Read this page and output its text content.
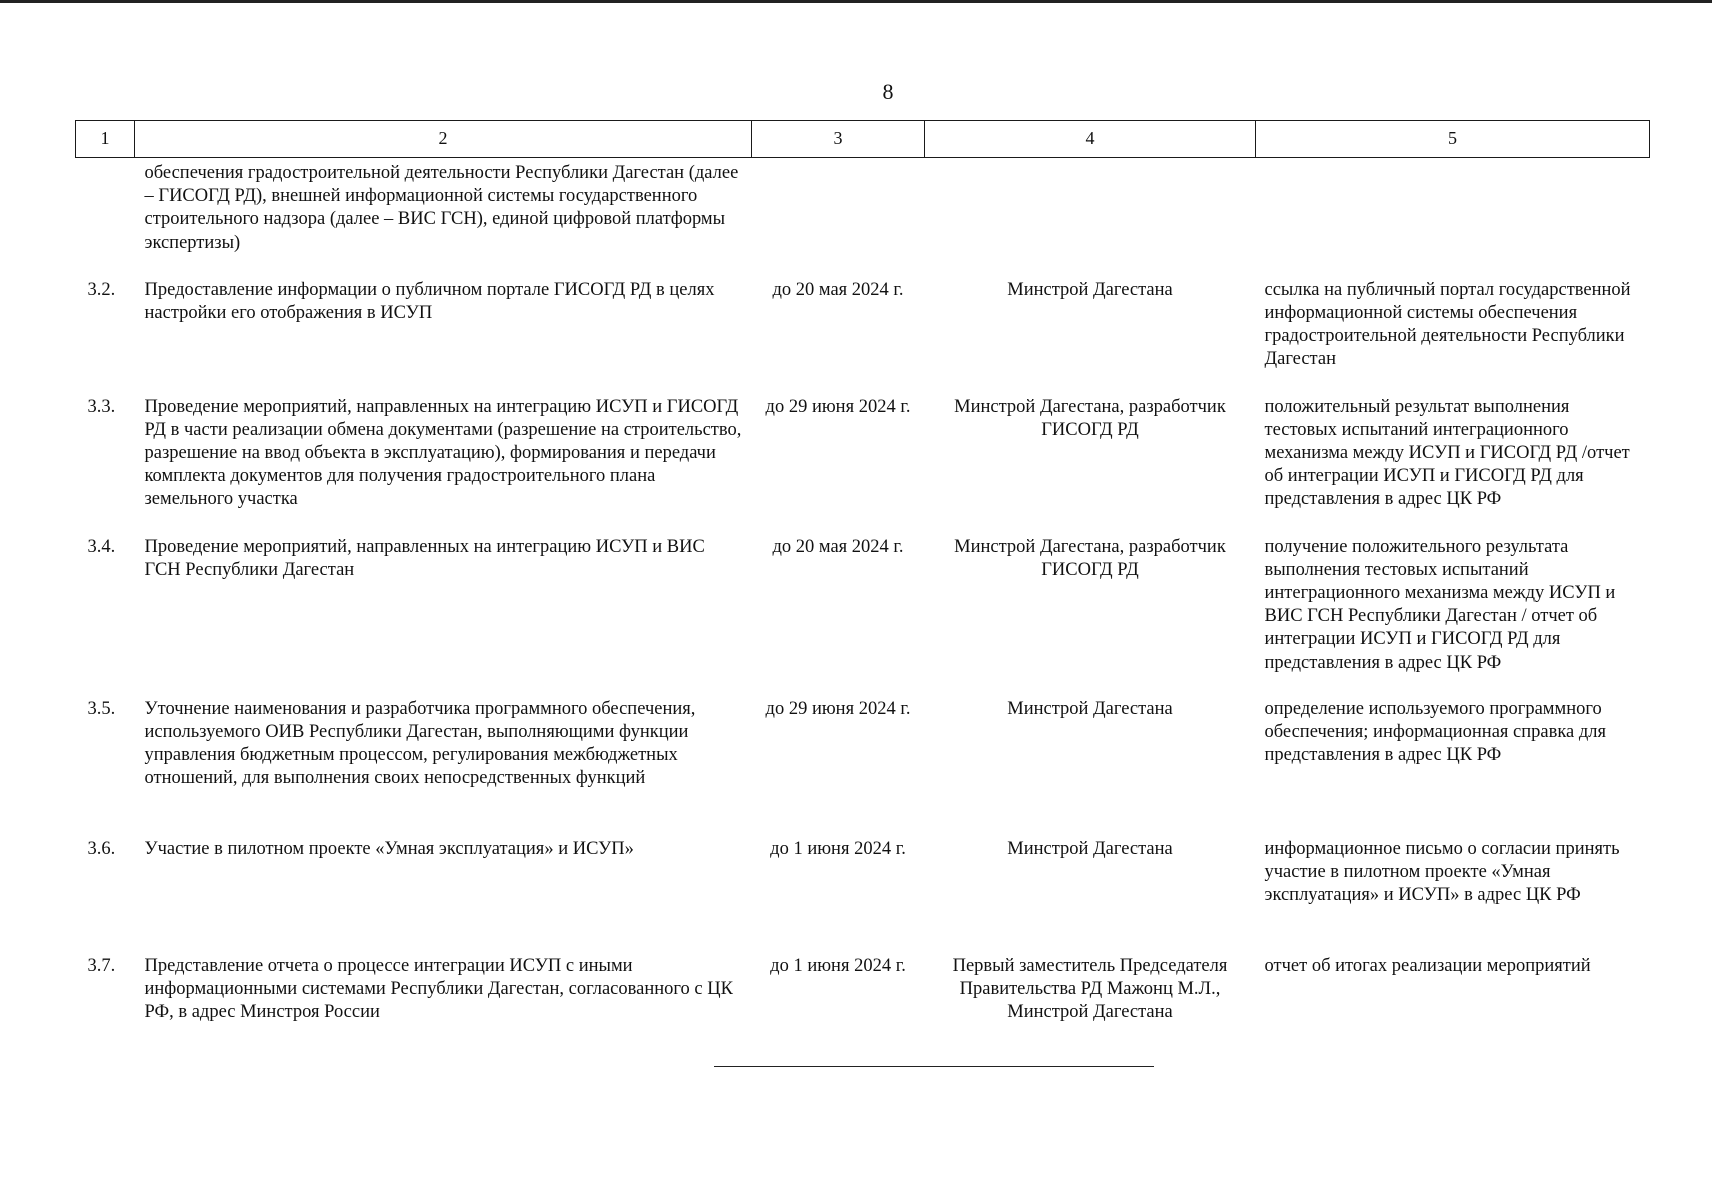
8
1	2	3	4	5
	обеспечения градостроительной деятельности Республики Дагестан (далее – ГИСОГД РД), внешней информационной системы государственного строительного надзора (далее – ВИС ГСН), единой цифровой платформы экспертизы)			
3.2.	Предоставление информации о публичном портале ГИСОГД РД в целях настройки его отображения в ИСУП	до 20 мая 2024 г.	Минстрой Дагестана	ссылка на публичный портал государственной информационной системы обеспечения градостроительной деятельности Республики Дагестан
3.3.	Проведение мероприятий, направленных на интеграцию ИСУП и ГИСОГД РД в части реализации обмена документами (разрешение на строительство, разрешение на ввод объекта в эксплуатацию), формирования и передачи комплекта документов для получения градостроительного плана земельного участка	до 29 июня 2024 г.	Минстрой Дагестана, разработчик ГИСОГД РД	положительный результат выполнения тестовых испытаний интеграционного механизма между ИСУП и ГИСОГД РД /отчет об интеграции ИСУП и ГИСОГД РД для представления в адрес ЦК РФ
3.4.	Проведение мероприятий, направленных на интеграцию ИСУП и ВИС ГСН Республики Дагестан	до 20 мая 2024 г.	Минстрой Дагестана, разработчик ГИСОГД РД	получение положительного результата выполнения тестовых испытаний интеграционного механизма между ИСУП и ВИС ГСН Республики Дагестан / отчет об интеграции ИСУП и ГИСОГД РД для представления в адрес ЦК РФ
3.5.	Уточнение наименования и разработчика программного обеспечения, используемого ОИВ Республики Дагестан, выполняющими функции управления бюджетным процессом, регулирования межбюджетных отношений, для выполнения своих непосредственных функций	до 29 июня 2024 г.	Минстрой Дагестана	определение используемого программного обеспечения; информационная справка для представления в адрес ЦК РФ
3.6.	Участие в пилотном проекте «Умная эксплуатация» и ИСУП»	до 1 июня 2024 г.	Минстрой Дагестана	информационное письмо о согласии принять участие в пилотном проекте «Умная эксплуатация» и ИСУП» в адрес ЦК РФ
3.7.	Представление отчета о процессе интеграции ИСУП с иными информационными системами Республики Дагестан, согласованного с ЦК РФ, в адрес Минстроя России	до 1 июня 2024 г.	Первый заместитель Председателя Правительства РД Мажонц М.Л., Минстрой Дагестана	отчет об итогах реализации мероприятий
